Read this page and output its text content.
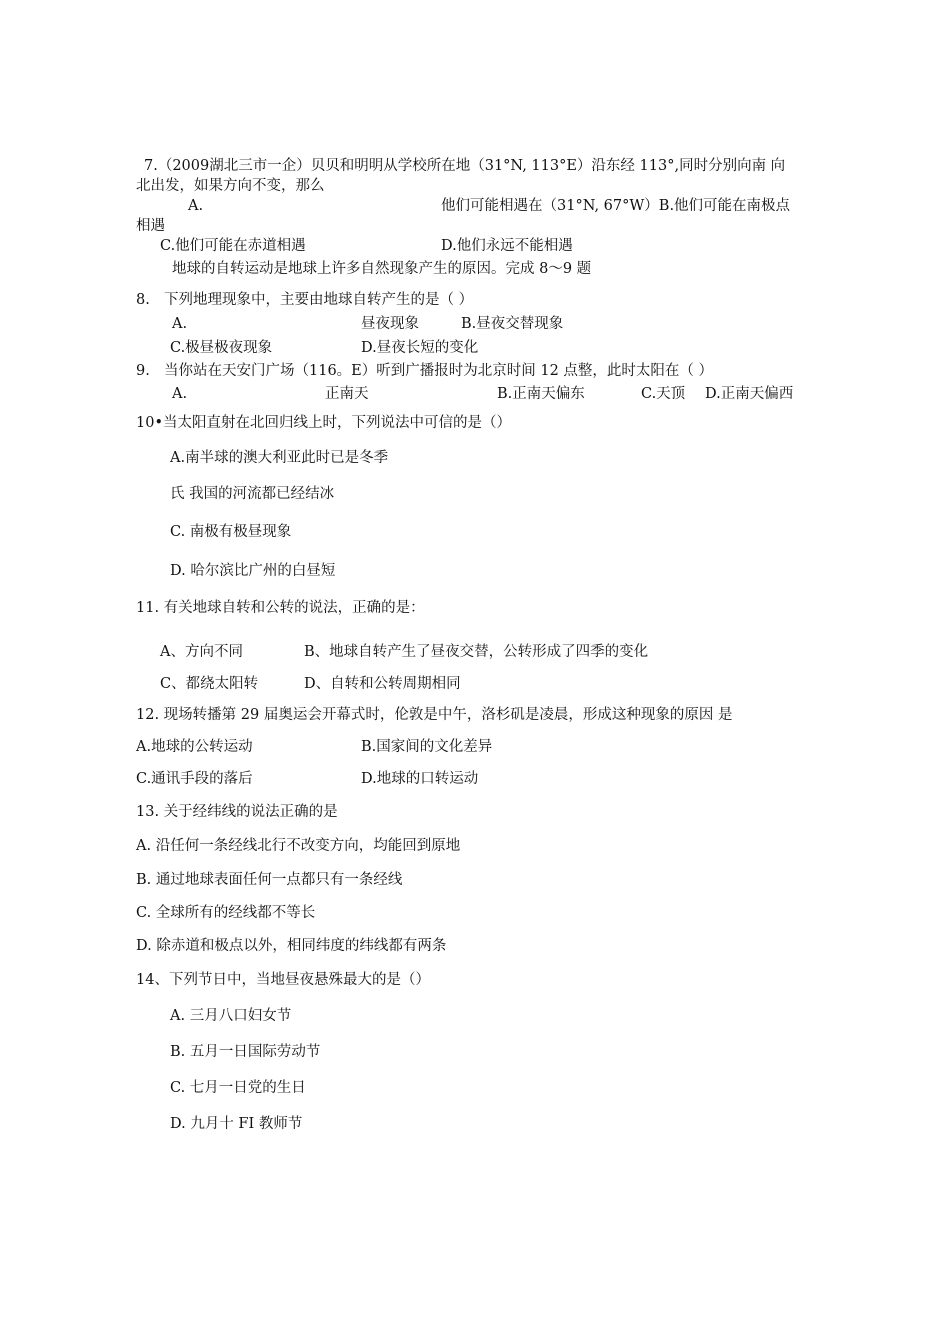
7.（2009湖北三市一企）贝贝和明明从学校所在地（31°N, 113°E）沿东经 113°,同时分别向南 向
北出发，如果方向不变，那么
A.	他们可能相遇在（31°N, 67°W）B.他们可能在南极点
相遇
C.他们可能在赤道相遇	D.他们永远不能相遇
地球的自转运动是地球上许多自然现象产生的原因。完成 8〜9 题
8. 下列地理现象中，主要由地球自转产生的是（ ）
A.	昼夜现象	B.昼夜交替现象
C.极昼极夜现象	D.昼夜长短的变化
9. 当你站在天安门广场（116。E）听到广播报时为北京时间 12 点整，此时太阳在（ ）
A.	正南天	B.正南天偏东	C.天顶 D.正南天偏西
10•当太阳直射在北回归线上时，下列说法中可信的是（）
A.南半球的澳大利亚此时已是冬季
氏 我国的河流都已经结冰
C. 南极有极昼现象
D. 哈尔滨比广州的白昼短
11. 有关地球自转和公转的说法，正确的是：
A、方向不同	B、地球自转产生了昼夜交替，公转形成了四季的变化
C、都绕太阳转	D、自转和公转周期相同
12. 现场转播第 29 届奥运会开幕式时，伦敦是中午，洛杉矶是凌晨，形成这种现象的原因 是
A.地球的公转运动	B.国家间的文化差异
C.通讯手段的落后	D.地球的口转运动
13. 关于经纬线的说法正确的是
A. 沿任何一条经线北行不改变方向，均能回到原地
B. 通过地球表面任何一点都只有一条经线
C. 全球所有的经线都不等长
D. 除赤道和极点以外，相同纬度的纬线都有两条
14、下列节日中，当地昼夜悬殊最大的是（）
A. 三月八口妇女节
B. 五月一日国际劳动节
C. 七月一日党的生日
D. 九月十 FI 教师节
